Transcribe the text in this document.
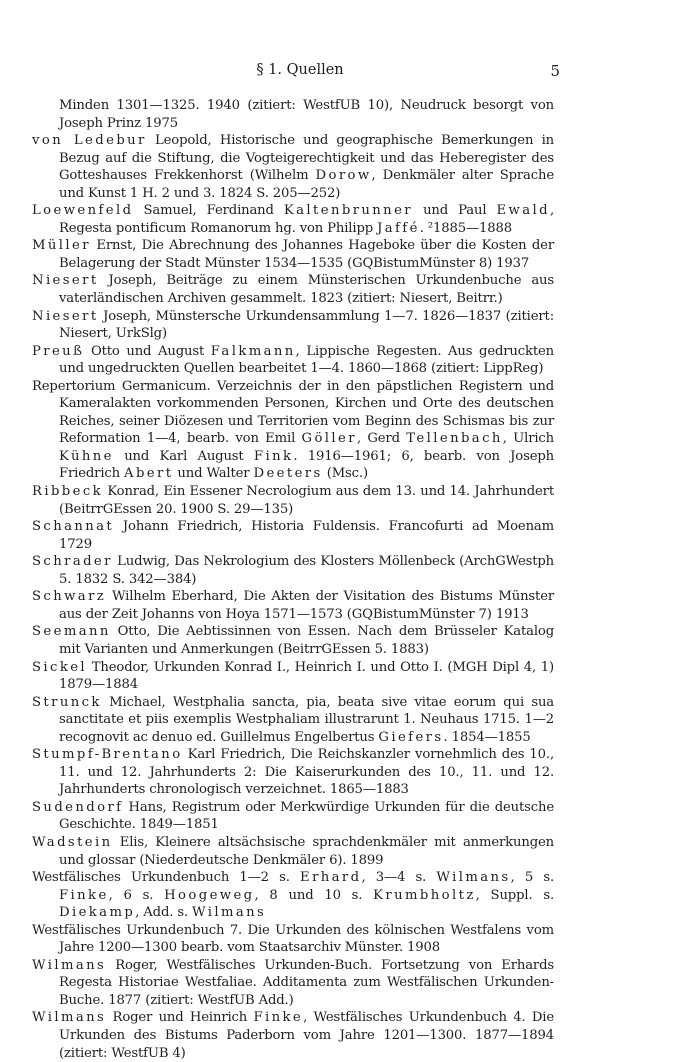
§ 1. Quellen	5
Minden 1301—1325. 1940 (zitiert: WestfUB 10), Neudruck besorgt von Joseph Prinz 1975
von Ledebur Leopold, Historische und geographische Bemerkungen in Bezug auf die Stiftung, die Vogteigerechtigkeit und das Heberegister des Gotteshauses Frekkenhorst (Wilhelm Dorow, Denkmäler alter Sprache und Kunst 1 H. 2 und 3. 1824 S. 205—252)
Loewenfeld Samuel, Ferdinand Kaltenbrunner und Paul Ewald, Regesta pontificum Romanorum hg. von Philipp Jaffé. ²1885—1888
Müller Ernst, Die Abrechnung des Johannes Hageboke über die Kosten der Belagerung der Stadt Münster 1534—1535 (GQBistumMünster 8) 1937
Niesert Joseph, Beiträge zu einem Münsterischen Urkundenbuche aus vaterländischen Archiven gesammelt. 1823 (zitiert: Niesert, Beitrr.)
Niesert Joseph, Münstersche Urkundensammlung 1—7. 1826—1837 (zitiert: Niesert, UrkSlg)
Preuß Otto und August Falkmann, Lippische Regesten. Aus gedruckten und ungedruckten Quellen bearbeitet 1—4. 1860—1868 (zitiert: LippReg)
Repertorium Germanicum. Verzeichnis der in den päpstlichen Registern und Kameralakten vorkommenden Personen, Kirchen und Orte des deutschen Reiches, seiner Diözesen und Territorien vom Beginn des Schismas bis zur Reformation 1—4, bearb. von Emil Göller, Gerd Tellenbach, Ulrich Kühne und Karl August Fink. 1916—1961; 6, bearb. von Joseph Friedrich Abert und Walter Deeters (Msc.)
Ribbeck Konrad, Ein Essener Necrologium aus dem 13. und 14. Jahrhundert (BeitrrGEssen 20. 1900 S. 29—135)
Schannat Johann Friedrich, Historia Fuldensis. Francofurti ad Moenam 1729
Schrader Ludwig, Das Nekrologium des Klosters Möllenbeck (ArchGWestph 5. 1832 S. 342—384)
Schwarz Wilhelm Eberhard, Die Akten der Visitation des Bistums Münster aus der Zeit Johanns von Hoya 1571—1573 (GQBistumMünster 7) 1913
Seemann Otto, Die Aebtissinnen von Essen. Nach dem Brüsseler Katalog mit Varianten und Anmerkungen (BeitrrGEssen 5. 1883)
Sickel Theodor, Urkunden Konrad I., Heinrich I. und Otto I. (MGH Dipl 4, 1) 1879—1884
Strunck Michael, Westphalia sancta, pia, beata sive vitae eorum qui sua sanctitate et piis exemplis Westphaliam illustrarunt 1. Neuhaus 1715. 1—2 recognovit ac denuo ed. Guillelmus Engelbertus Giefers. 1854—1855
Stumpf-Brentano Karl Friedrich, Die Reichskanzler vornehmlich des 10., 11. und 12. Jahrhunderts 2: Die Kaiserurkunden des 10., 11. und 12. Jahrhunderts chronologisch verzeichnet. 1865—1883
Sudendorf Hans, Registrum oder Merkwürdige Urkunden für die deutsche Geschichte. 1849—1851
Wadstein Elis, Kleinere altsächsische sprachdenkmäler mit anmerkungen und glossar (Niederdeutsche Denkmäler 6). 1899
Westfälisches Urkundenbuch 1—2 s. Erhard, 3—4 s. Wilmans, 5 s. Finke, 6 s. Hoogeweg, 8 und 10 s. Krumbholtz, Suppl. s. Diekamp, Add. s. Wilmans
Westfälisches Urkundenbuch 7. Die Urkunden des kölnischen Westfalens vom Jahre 1200—1300 bearb. vom Staatsarchiv Münster. 1908
Wilmans Roger, Westfälisches Urkunden-Buch. Fortsetzung von Erhards Regesta Historiae Westfaliae. Additamenta zum Westfälischen Urkunden-Buche. 1877 (zitiert: WestfUB Add.)
Wilmans Roger und Heinrich Finke, Westfälisches Urkundenbuch 4. Die Urkunden des Bistums Paderborn vom Jahre 1201—1300. 1877—1894 (zitiert: WestfUB 4)
